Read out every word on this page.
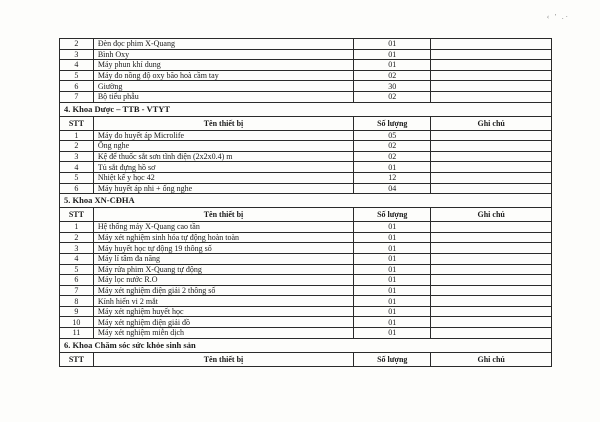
‹ ' .·
2	Đèn đọc phim X-Quang	01	
3	Bình Oxy	01	
4	Máy phun khí dung	01	
5	Máy đo nồng độ oxy bão hoà cầm tay	02	
6	Giường	30	
7	Bộ tiểu phẫu	02	
4. Khoa Dược – TTB - VTYT			
STT	Tên thiết bị	Số lượng	Ghi chú
1	Máy đo huyết áp Microlife	05	
2	Ống nghe	02	
3	Kệ để thuốc sắt sơn tĩnh điện (2x2x0.4) m	02	
4	Tủ sắt đựng hồ sơ	01	
5	Nhiệt kế y học 42	12	
6	Máy huyết áp nhi + ống nghe	04	
5. Khoa XN-CĐHA			
STT	Tên thiết bị	Số lượng	Ghi chú
1	Hệ thống máy X-Quang cao tần	01	
2	Máy xét nghiệm sinh hóa tự động hoàn toàn	01	
3	Máy huyết học tự động 19 thông số	01	
4	Máy lí tâm đa năng	01	
5	Máy rửa phim X-Quang tự động	01	
6	Máy lọc nước R.O	01	
7	Máy xét nghiệm điện giải 2 thông số	01	
8	Kính hiển vi 2 mắt	01	
9	Máy xét nghiệm huyết học	01	
10	Máy xét nghiệm điện giải đồ	01	
11	Máy xét nghiệm miễn dịch	01	
6. Khoa Chăm sóc sức khỏe sinh sản			
STT	Tên thiết bị	Số lượng	Ghi chú
